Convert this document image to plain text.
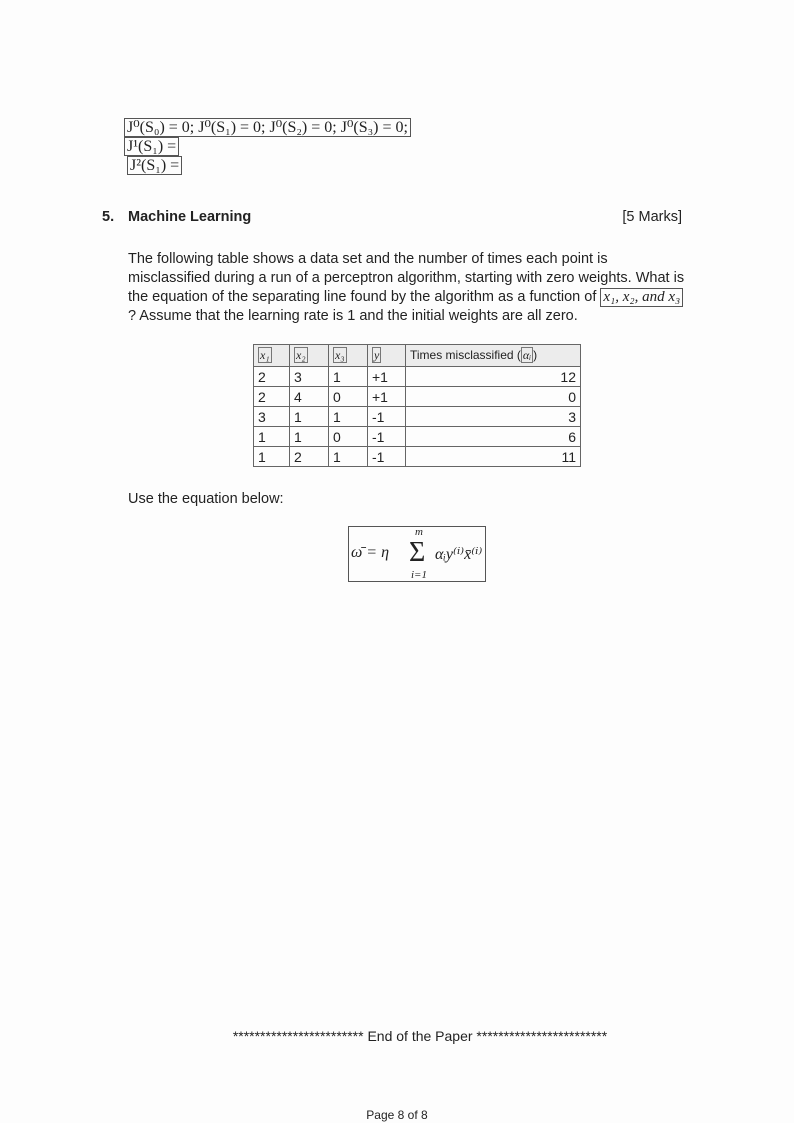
J⁰(S₀) = 0; J⁰(S₁) = 0; J⁰(S₂) = 0; J⁰(S₃) = 0;
J¹(S₁) =
J²(S₁) =
5. Machine Learning	[5 Marks]
The following table shows a data set and the number of times each point is misclassified during a run of a perceptron algorithm, starting with zero weights. What is the equation of the separating line found by the algorithm as a function of x₁, x₂, and x₃? Assume that the learning rate is 1 and the initial weights are all zero.
x₁	x₂	x₃	y	Times misclassified ( αᵢ )
2	3	1	+1	12
2	4	0	+1	0
3	1	1	-1	3
1	1	0	-1	6
1	2	1	-1	11
Use the equation below:
ω̄ = η
m
Σ
i=1
αᵢy⁽ⁱ⁾x̄⁽ⁱ⁾
************************ End of the Paper ************************
Page 8 of 8
